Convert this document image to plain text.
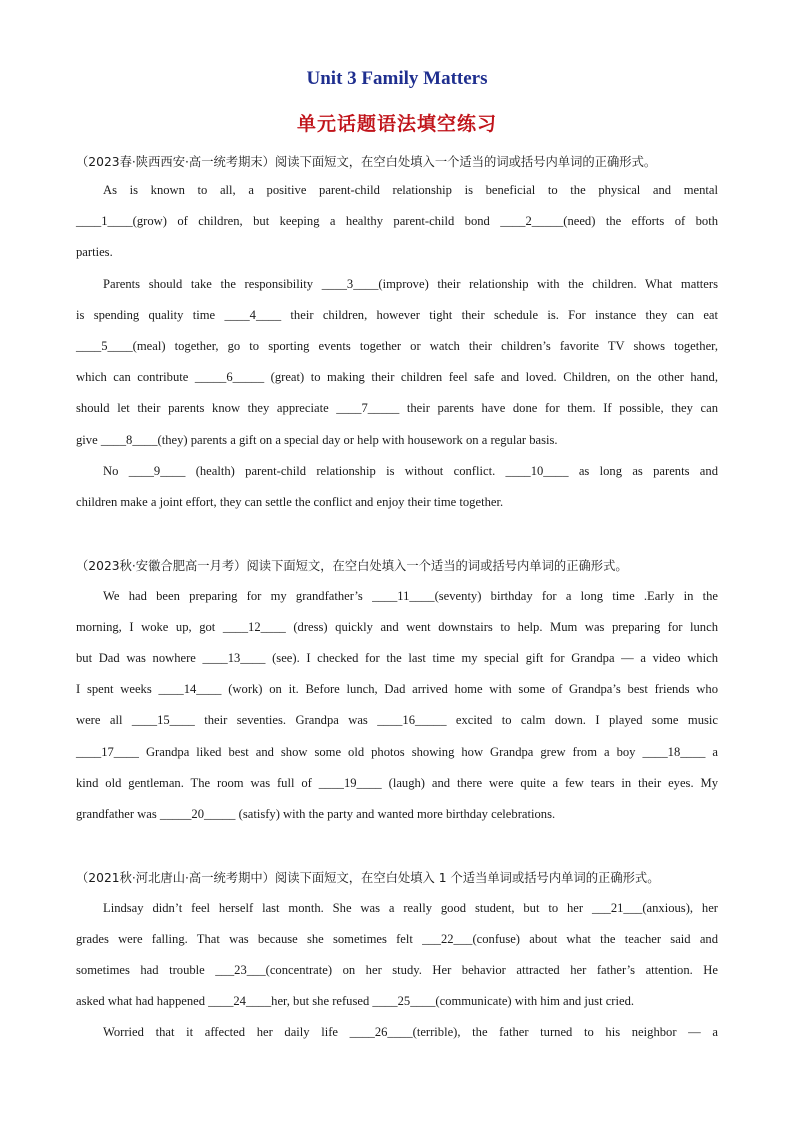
Unit 3 Family Matters
单元话题语法填空练习
（2023春·陕西西安·高一统考期末）阅读下面短文，在空白处填入一个适当的词或括号内单词的正确形式。
As is known to all, a positive parent-child relationship is beneficial to the physical and mental
____1____(grow) of children, but keeping a healthy parent-child bond ____2_____(need) the efforts of both
parties.
Parents should take the responsibility ____3____(improve) their relationship with the children. What matters
is spending quality time ____4____ their children, however tight their schedule is. For instance they can eat
____5____(meal) together, go to sporting events together or watch their children’s favorite TV shows together,
which can contribute _____6_____ (great) to making their children feel safe and loved. Children, on the other hand,
should let their parents know they appreciate ____7_____ their parents have done for them. If possible, they can
give ____8____(they) parents a gift on a special day or help with housework on a regular basis.
No ____9____ (health) parent-child relationship is without conflict. ____10____ as long as parents and
children make a joint effort, they can settle the conflict and enjoy their time together.
（2023秋·安徽合肥高一月考）阅读下面短文，在空白处填入一个适当的词或括号内单词的正确形式。
We had been preparing for my grandfather’s ____11____(seventy) birthday for a long time .Early in the
morning, I woke up, got ____12____ (dress) quickly and went downstairs to help. Mum was preparing for lunch
but Dad was nowhere ____13____ (see). I checked for the last time my special gift for Grandpa — a video which
I spent weeks ____14____ (work) on it. Before lunch, Dad arrived home with some of Grandpa’s best friends who
were all ____15____ their seventies. Grandpa was ____16_____ excited to calm down. I played some music
____17____ Grandpa liked best and show some old photos showing how Grandpa grew from a boy ____18____ a
kind old gentleman. The room was full of ____19____ (laugh) and there were quite a few tears in their eyes. My
grandfather was _____20_____ (satisfy) with the party and wanted more birthday celebrations.
（2021秋·河北唐山·高一统考期中）阅读下面短文，在空白处填入 1 个适当单词或括号内单词的正确形式。
Lindsay didn’t feel herself last month. She was a really good student, but to her ___21___(anxious), her
grades were falling. That was because she sometimes felt ___22___(confuse) about what the teacher said and
sometimes had trouble ___23___(concentrate) on her study. Her behavior attracted her father’s attention. He
asked what had happened ____24____her, but she refused ____25____(communicate) with him and just cried.
Worried that it affected her daily life ____26____(terrible), the father turned to his neighbor — a
